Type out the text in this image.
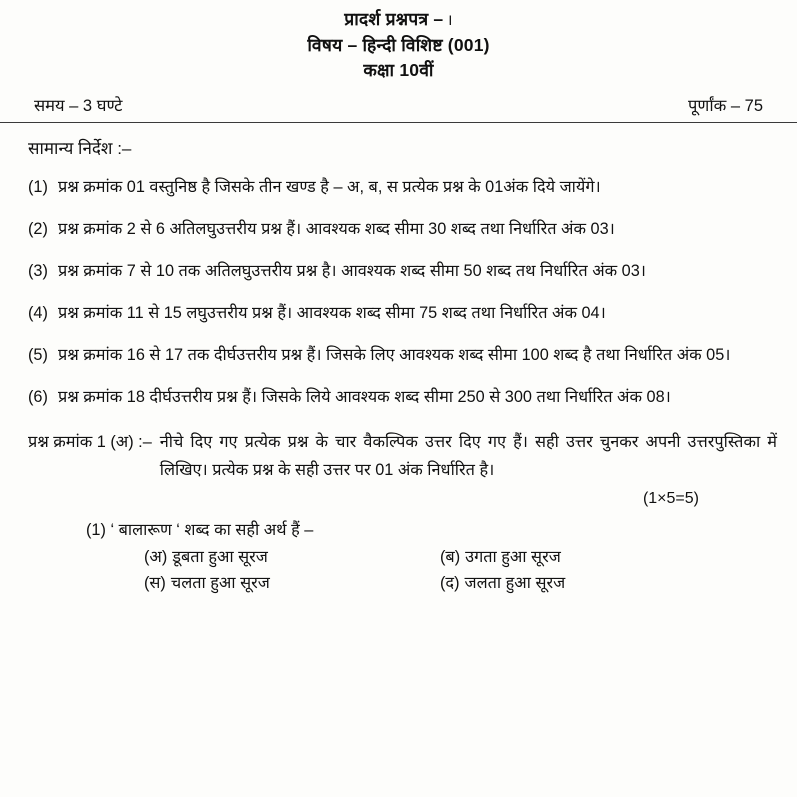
प्रादर्श प्रश्नपत्र – I
विषय – हिन्दी विशिष्ट (001)
कक्षा 10वीं
समय – 3 घण्टे	पूर्णांक – 75
सामान्य निर्देश :–
(1) प्रश्न क्रमांक 01 वस्तुनिष्ठ है जिसके तीन खण्ड है – अ, ब, स प्रत्येक प्रश्न के 01अंक दिये जायेंगे।
(2) प्रश्न क्रमांक 2 से 6 अतिलघुउत्तरीय प्रश्न हैं। आवश्यक शब्द सीमा 30 शब्द तथा निर्धारित अंक 03।
(3) प्रश्न क्रमांक 7 से 10 तक अतिलघुउत्तरीय प्रश्न है। आवश्यक शब्द सीमा 50 शब्द तथ निर्धारित अंक 03।
(4) प्रश्न क्रमांक 11 से 15 लघुउत्तरीय प्रश्न हैं। आवश्यक शब्द सीमा 75 शब्द तथा निर्धारित अंक 04।
(5) प्रश्न क्रमांक 16 से 17 तक दीर्घउत्तरीय प्रश्न हैं। जिसके लिए आवश्यक शब्द सीमा 100 शब्द है तथा निर्धारित अंक 05।
(6) प्रश्न क्रमांक 18 दीर्घउत्तरीय प्रश्न हैं। जिसके लिये आवश्यक शब्द सीमा 250 से 300 तथा निर्धारित अंक 08।
प्रश्न क्रमांक 1 (अ) :– नीचे दिए गए प्रत्येक प्रश्न के चार वैकल्पिक उत्तर दिए गए हैं। सही उत्तर चुनकर अपनी उत्तरपुस्तिका में लिखिए। प्रत्येक प्रश्न के सही उत्तर पर 01 अंक निर्धारित है।
(1×5=5)
(1) ‘ बालारूण ‘ शब्द का सही अर्थ हैं –
(अ) डूबता हुआ सूरज	(ब) उगता हुआ सूरज
(स) चलता हुआ सूरज	(द) जलता हुआ सूरज
